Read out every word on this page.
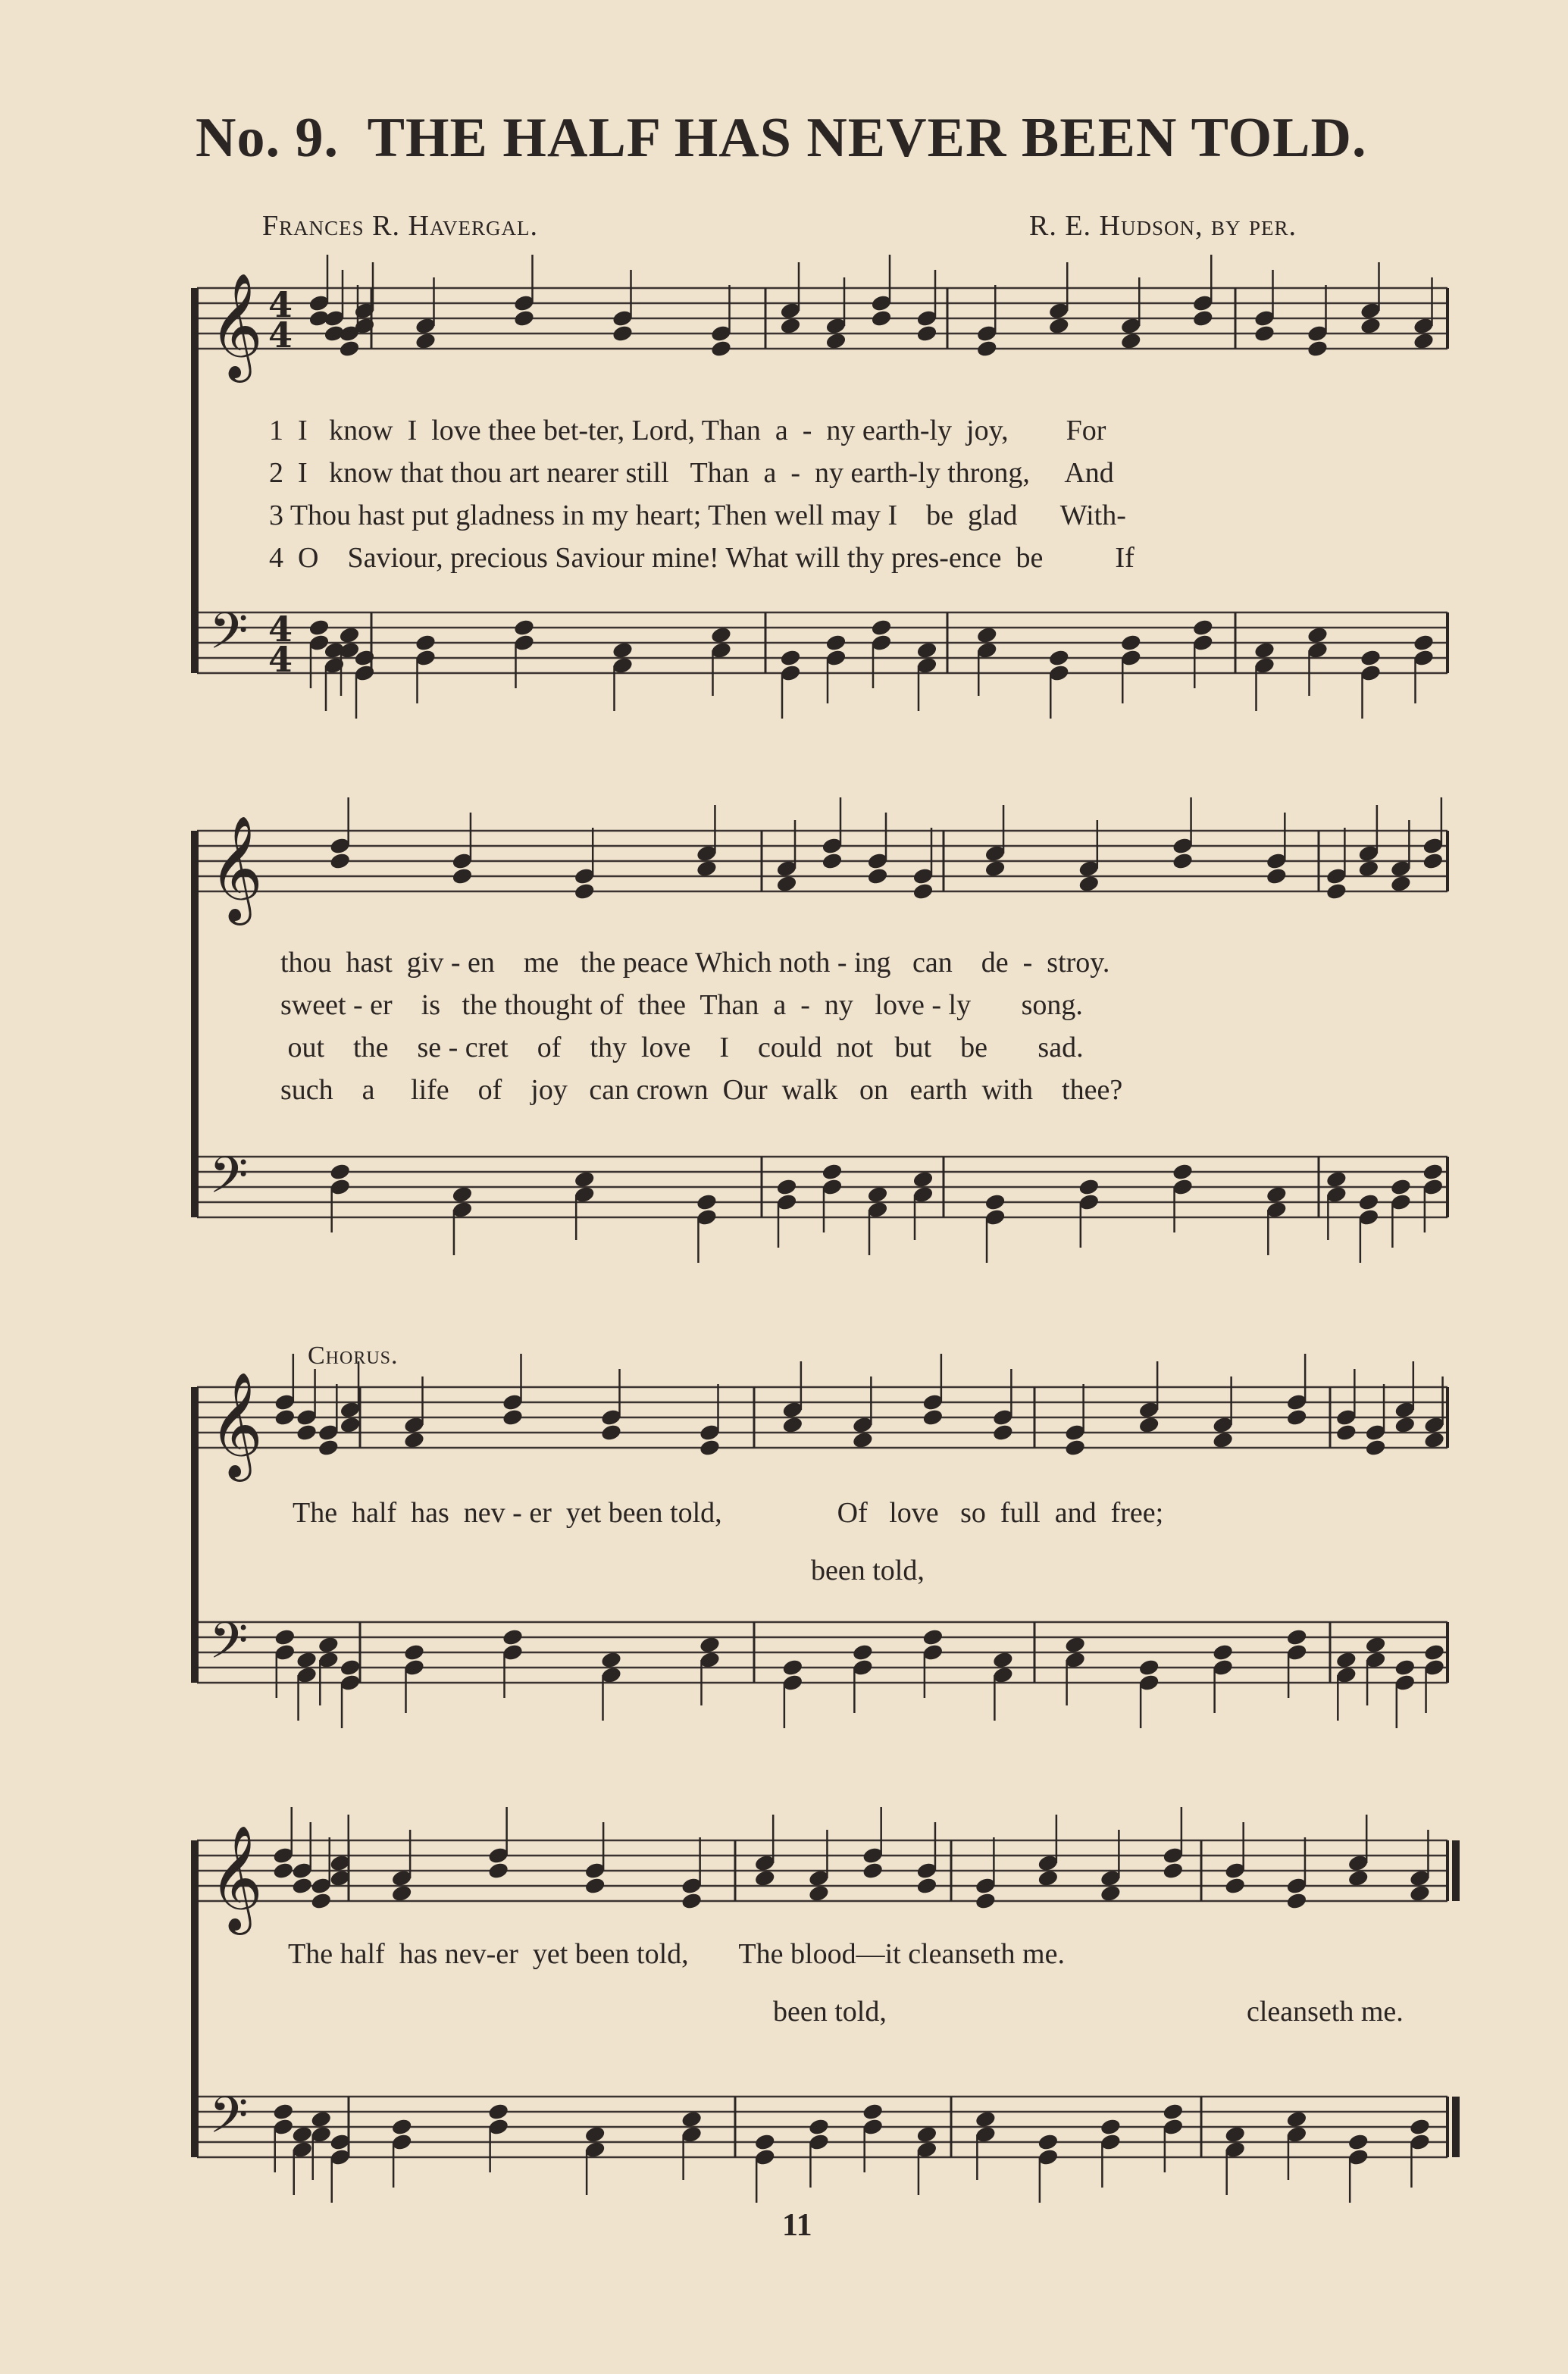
No. 9. THE HALF HAS NEVER BEEN TOLD.
Frances R. Havergal.	R. E. Hudson, by per.
𝄞
𝄢
4
4
4
4
1  I   know  I  love thee bet-ter, Lord, Than  a  -  ny earth-ly  joy,        For
2  I   know that thou art nearer still   Than  a  -  ny earth-ly throng,     And
3 Thou hast put gladness in my heart; Then well may I    be  glad      With-
4  O    Saviour, precious Saviour mine! What will thy pres-ence  be          If
𝄞
𝄢
thou  hast  giv - en    me   the peace Which noth - ing   can    de  -  stroy.
sweet - er    is   the thought of  thee  Than  a  -  ny   love - ly       song.
out    the    se - cret    of    thy  love    I    could  not   but    be       sad.
such    a     life    of    joy   can crown  Our  walk   on   earth  with    thee?
Chorus.
𝄞
𝄢
The  half  has  nev - er  yet been told,                Of   love   so  full  and  free;
been told,
𝄞
𝄢
The half  has nev-er  yet been told,       The blood—it cleanseth me.
been told,	cleanseth me.
11
